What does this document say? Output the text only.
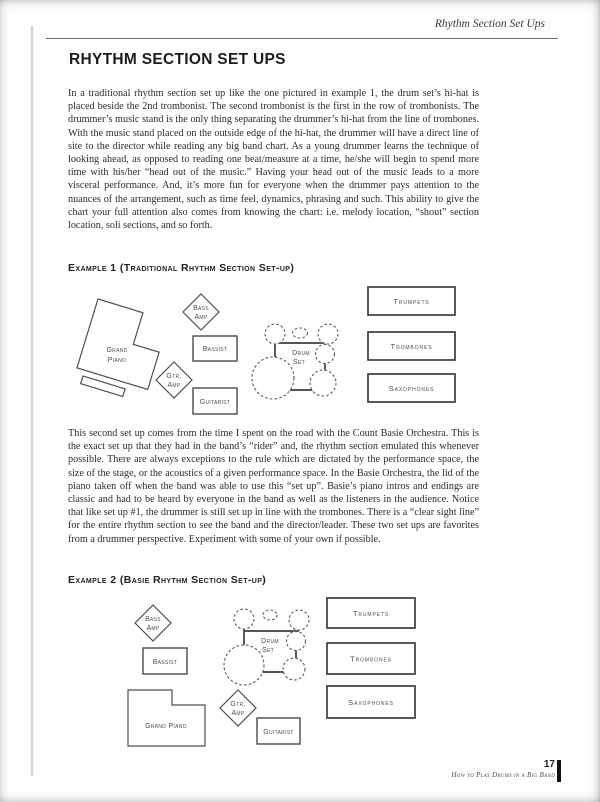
Rhythm Section Set Ups
RHYTHM SECTION SET UPS

In a traditional rhythm section set up like the one pictured in example 1, the drum set’s hi-hat is placed beside the 2nd trombonist. The second trombonist is the first in the row of trombonists. The drummer’s music stand is the only thing separating the drummer’s hi-hat from the line of trombones. With the music stand placed on the outside edge of the hi-hat, the drummer will have a direct line of site to the director while reading any big band chart. As a young drummer learns the technique of looking ahead, as opposed to reading one beat/measure at a time, he/she will begin to spend more time with his/her “head out of the music.” Having your head out of the music leads to a more visceral performance. And, it’s more fun for everyone when the drummer pays attention to the nuances of the arrangement, such as time feel, dynamics, phrasing and such. This ability to give the chart your full attention also comes from knowing the chart: i.e. melody location, “shout” section location, soli sections, and so forth.

Example 1 (Traditional Rhythm Section Set-up)
Grand
Piano
Bass
Amp
Bassist
Gtr.
Amp
Guitarist
Drum
Set
Trumpets
Trombones
Saxophones

This second set up comes from the time I spent on the road with the Count Basie Orchestra. This is the exact set up that they had in the band’s “rider” and, the rhythm section emulated this whenever possible. There are always exceptions to the rule which are dictated by the performance space, the size of the stage, or the acoustics of a given performance space. In the Basie Orchestra, the lid of the piano taken off when the band was able to use this “set up”. Basie’s piano intros and endings are classic and had to be heard by everyone in the band as well as the listeners in the audience. Notice that like set up #1, the drummer is still set up in line with the trombones. There is a “clear sight line” for the entire rhythm section to see the band and the director/leader. These two set ups are favorites from a drummer perspective. Experiment with some of your own if possible.

Example 2 (Basie Rhythm Section Set-up)
Bass
Amp
Bassist
Grand Piano
Drum
Set
Gtr.
Amp
Guitarist
Trumpets
Trombones
Saxophones
17
How to Play Drums in a Big Band
